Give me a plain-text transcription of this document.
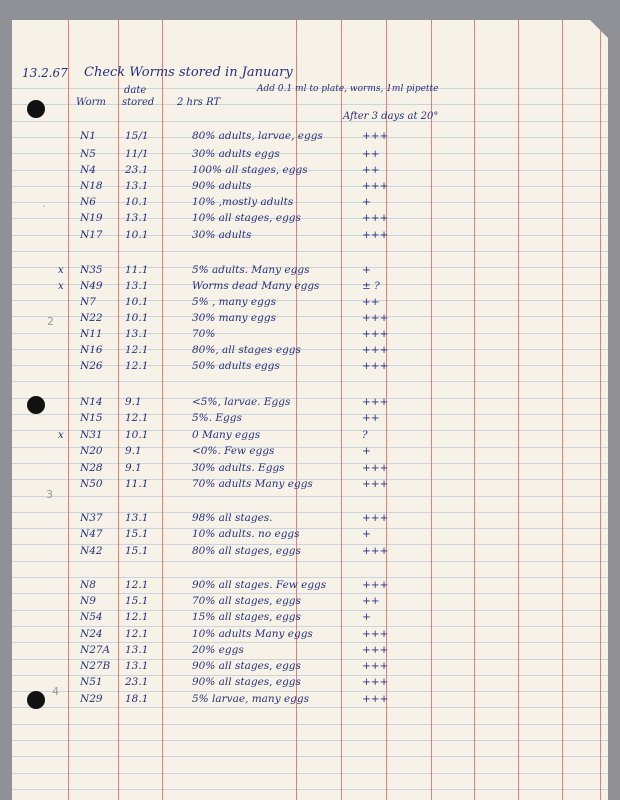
·
2
3
4
13.2.67 Check Worms stored in January
Add 0.1 ml to plate, worms, 1ml pipette
Worm
date
stored 2 hrs RT
After 3 days at 20°
N1	15/1	80% adults, larvae, eggs	+++
N5	11/1	30% adults eggs	++
N4	23.1	100% all stages, eggs	++
N18 13.1	90% adults	+++
N6	10.1	10% ,mostly adults	+
N19 13.1	10% all stages, eggs	+++
N17 10.1	30% adults	+++
x N35 11.1	5% adults. Many eggs	+
x N49 13.1	Worms dead Many eggs	± ?
N7	10.1	5% , many eggs	++
N22 10.1	30% many eggs	+++
N11 13.1	70%	+++
N16 12.1	80%, all stages eggs	+++
N26 12.1	50% adults eggs	+++
N14 9.1	<5%, larvae. Eggs	+++
N15 12.1	5%. Eggs	++
x N31 10.1	0 Many eggs	?
N20 9.1	<0%. Few eggs	+
N28 9.1	30% adults. Eggs	+++
N50 11.1	70% adults Many eggs	+++
N37 13.1	98% all stages.	+++
N47 15.1	10% adults. no eggs	+
N42 15.1	80% all stages, eggs	+++
N8	12.1	90% all stages. Few eggs	+++
N9	15.1	70% all stages, eggs	++
N54 12.1	15% all stages, eggs	+
N24 12.1	10% adults Many eggs	+++
N27A 13.1	20% eggs	+++
N27B 13.1	90% all stages, eggs	+++
N51 23.1	90% all stages, eggs	+++
N29 18.1	5% larvae, many eggs	+++
